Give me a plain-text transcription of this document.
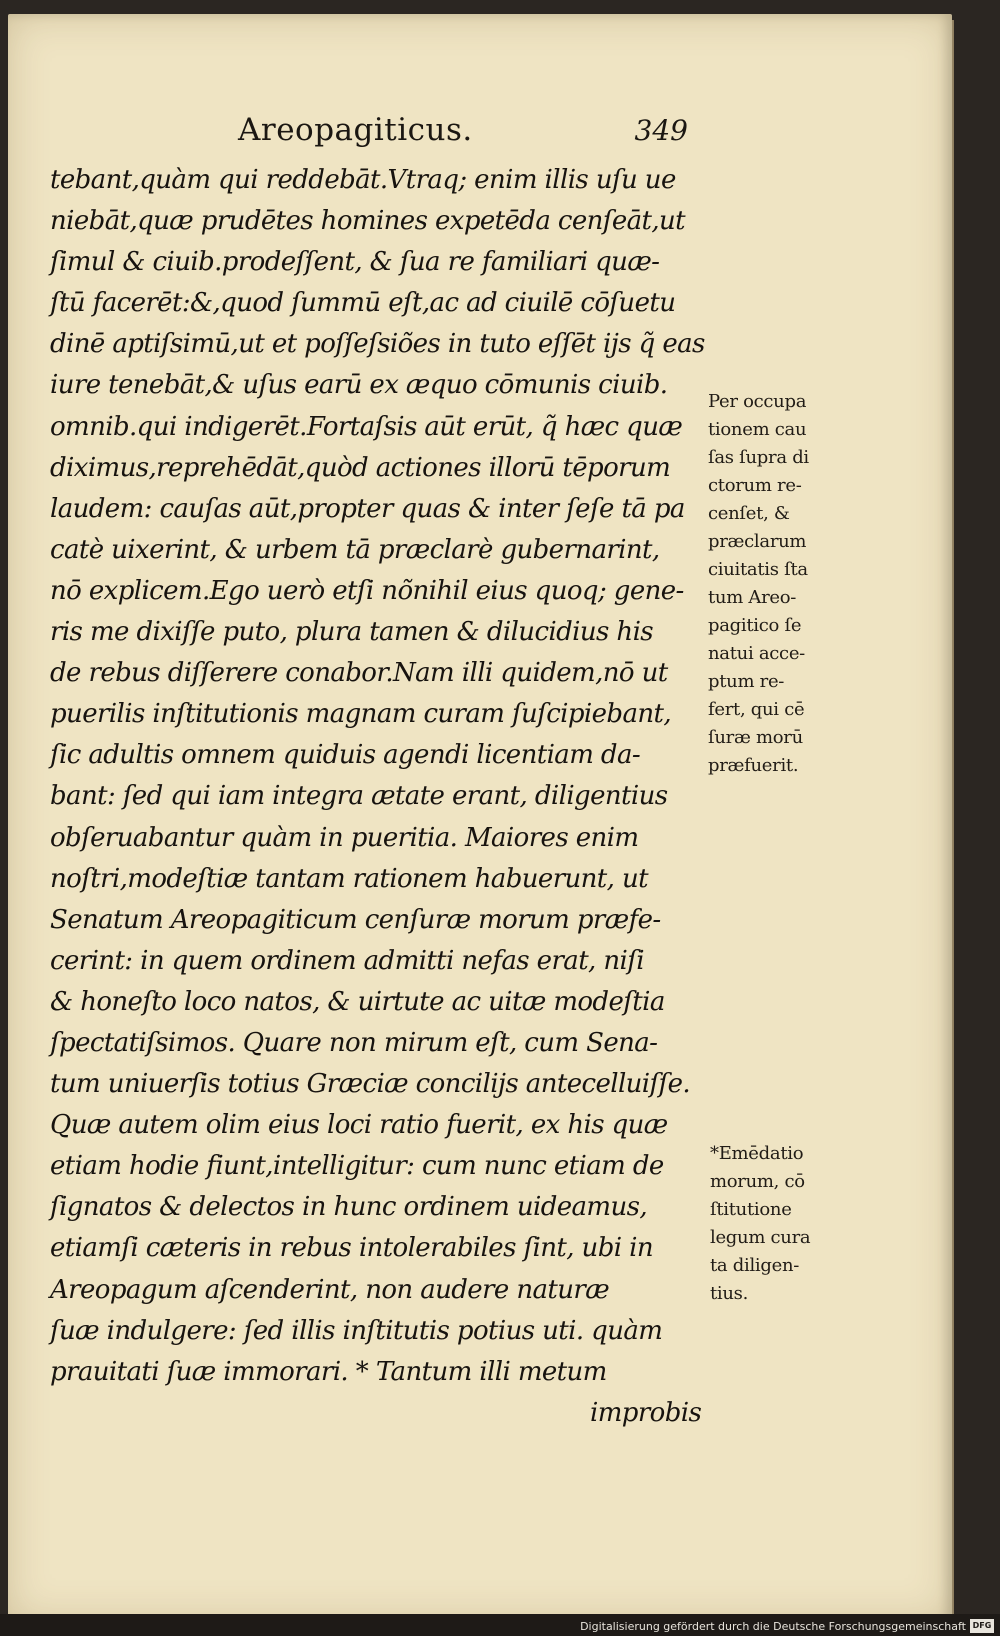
Areopagiticus.	349
tebant,quàm qui reddebāt.Vtraq; enim illis uſu ue
niebāt,quæ prudētes homines expetēda cenſeāt,ut
ſimul & ciuib.prodeſſent, & ſua re familiari quæ-
ſtū facerēt:&,quod ſummū eſt,ac ad ciuilē cōſuetu
dinē aptiſsimū,ut et poſſeſsiões in tuto eſſēt ijs q̃ eas
iure tenebāt,& uſus earū ex æquo cōmunis ciuib.
omnib.qui indigerēt.Fortaſsis aūt erūt, q̃ hæc quæ
diximus,reprehēdāt,quòd actiones illorū tēporum
laudem: cauſas aūt,propter quas & inter ſeſe tā pa
catè uixerint, & urbem tā præclarè gubernarint,
nō explicem.Ego uerò etſi nõnihil eius quoq; gene-
ris me dixiſſe puto, plura tamen & dilucidius his
de rebus diſſerere conabor.Nam illi quidem,nō ut
puerilis inſtitutionis magnam curam ſuſcipiebant,
ſic adultis omnem quiduis agendi licentiam da-
bant: ſed qui iam integra ætate erant, diligentius
obſeruabantur quàm in pueritia. Maiores enim
noſtri,modeſtiæ tantam rationem habuerunt, ut
Senatum Areopagiticum cenſuræ morum præfe-
cerint: in quem ordinem admitti nefas erat, niſi
& honeſto loco natos, & uirtute ac uitæ modeſtia
ſpectatiſsimos. Quare non mirum eſt, cum Sena-
tum uniuerſis totius Græciæ concilijs antecelluiſſe.
Quæ autem olim eius loci ratio fuerit, ex his quæ
etiam hodie fiunt,intelligitur: cum nunc etiam de
ſignatos & delectos in hunc ordinem uideamus,
etiamſi cæteris in rebus intolerabiles ſint, ubi in
Areopagum aſcenderint, non audere naturæ
ſuæ indulgere: ſed illis inſtitutis potius uti. quàm
prauitati ſuæ immorari. * Tantum illi metum
improbis
Per occupa
tionem cau
ſas ſupra di
ctorum re-
cenſet, &
præclarum
ciuitatis ſta
tum Areo-
pagitico ſe
natui acce-
ptum re-
fert, qui cē
ſuræ morū
præfuerit.
*Emēdatio
morum, cō
ſtitutione
legum cura
ta diligen-
tius.
Digitalisierung gefördert durch die Deutsche Forschungsgemeinschaft DFG
